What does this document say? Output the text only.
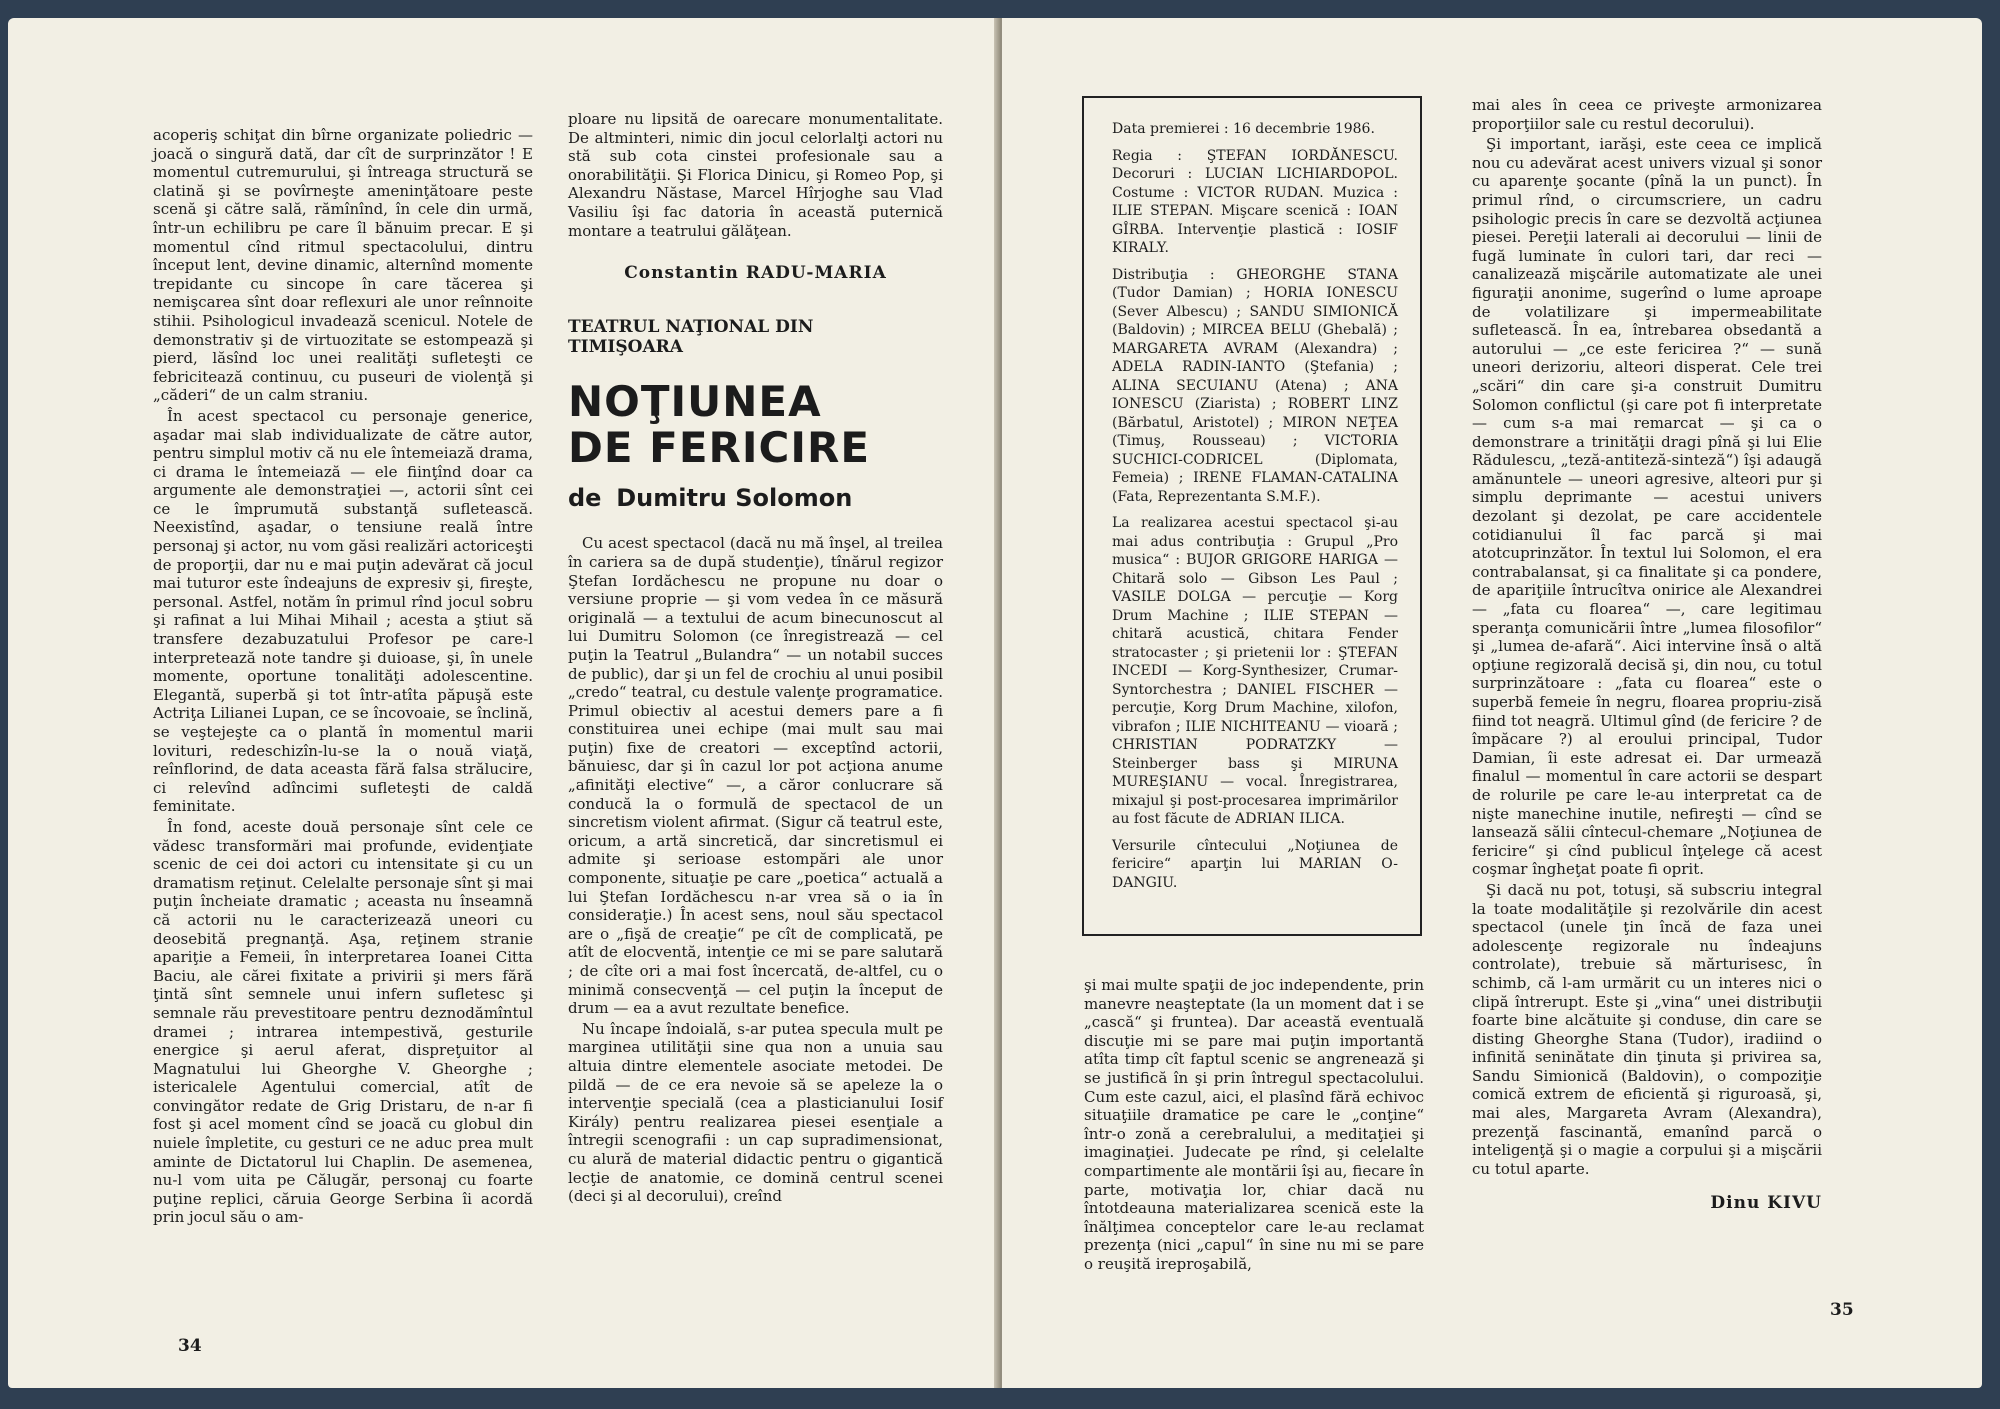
acoperiş schiţat din bîrne organizate poliedric — joacă o singură dată, dar cît de surprinzător ! E momentul cutremurului, şi întreaga structură se clatină şi se povîrneşte ameninţătoare peste scenă şi către sală, rămînînd, în cele din urmă, într-un echilibru pe care îl bănuim precar. E şi momentul cînd ritmul spectacolului, dintru început lent, devine dinamic, alternînd momente trepidante cu sincope în care tăcerea şi nemişcarea sînt doar reflexuri ale unor reînnoite stihii. Psihologicul invadează scenicul. Notele de demonstrativ şi de virtuozitate se estompează şi pierd, lăsînd loc unei realităţi sufleteşti ce febricitează continuu, cu puseuri de violenţă şi „căderi“ de un calm straniu.

În acest spectacol cu personaje generice, aşadar mai slab individualizate de către autor, pentru simplul motiv că nu ele întemeiază drama, ci drama le întemeiază — ele fiinţînd doar ca argumente ale demonstraţiei —, actorii sînt cei ce le împrumută substanţă sufletească. Neexistînd, aşadar, o tensiune reală între personaj şi actor, nu vom găsi realizări actoriceşti de proporţii, dar nu e mai puţin adevărat că jocul mai tuturor este îndeajuns de expresiv şi, fireşte, personal. Astfel, notăm în primul rînd jocul sobru şi rafinat a lui Mihai Mihail ; acesta a ştiut să transfere dezabuzatului Profesor pe care-l interpretează note tandre şi duioase, şi, în unele momente, oportune tonalităţi adolescentine. Elegantă, superbă şi tot într-atîta păpuşă este Actriţa Lilianei Lupan, ce se încovoaie, se înclină, se veştejeşte ca o plantă în momentul marii lovituri, redeschizîn-lu-se la o nouă viaţă, reînflorind, de data aceasta fără falsa strălucire, ci relevînd adîncimi sufleteşti de caldă feminitate.

În fond, aceste două personaje sînt cele ce vădesc transformări mai profunde, evidenţiate scenic de cei doi actori cu intensitate şi cu un dramatism reţinut. Celelalte personaje sînt şi mai puţin încheiate dramatic ; aceasta nu înseamnă că actorii nu le caracterizează uneori cu deosebită pregnanţă. Aşa, reţinem stranie apariţie a Femeii, în interpretarea Ioanei Citta Baciu, ale cărei fixitate a privirii şi mers fără ţintă sînt semnele unui infern sufletesc şi semnale rău prevestitoare pentru deznodămîntul dramei ; intrarea intempestivă, gesturile energice şi aerul aferat, dispreţuitor al Magnatului lui Gheorghe V. Gheorghe ; istericalele Agentului comercial, atît de convingător redate de Grig Dristaru, de n-ar fi fost şi acel moment cînd se joacă cu globul din nuiele împletite, cu gesturi ce ne aduc prea mult aminte de Dictatorul lui Chaplin. De asemenea, nu-l vom uita pe Călugăr, personaj cu foarte puţine replici, căruia George Serbina îi acordă prin jocul său o am-

ploare nu lipsită de oarecare monumentalitate. De altminteri, nimic din jocul celorlalţi actori nu stă sub cota cinstei profesionale sau a onorabilităţii. Şi Florica Dinicu, şi Romeo Pop, şi Alexandru Năstase, Marcel Hîrjoghe sau Vlad Vasiliu îşi fac datoria în această puternică montare a teatrului gălăţean.

Constantin RADU-MARIA
TEATRUL NAŢIONAL DIN TIMIŞOARA
NOŢIUNEA
DE FERICIRE
de Dumitru Solomon

Cu acest spectacol (dacă nu mă înşel, al treilea în cariera sa de după studenţie), tînărul regizor Ştefan Iordăchescu ne propune nu doar o versiune proprie — şi vom vedea în ce măsură originală — a textului de acum binecunoscut al lui Dumitru Solomon (ce înregistrează — cel puţin la Teatrul „Bulandra“ — un notabil succes de public), dar şi un fel de crochiu al unui posibil „credo“ teatral, cu destule valenţe programatice. Primul obiectiv al acestui demers pare a fi constituirea unei echipe (mai mult sau mai puţin) fixe de creatori — exceptînd actorii, bănuiesc, dar şi în cazul lor pot acţiona anume „afinităţi elective“ —, a căror conlucrare să conducă la o formulă de spectacol de un sincretism violent afirmat. (Sigur că teatrul este, oricum, a artă sincretică, dar sincretismul ei admite şi serioase estompări ale unor componente, situaţie pe care „poetica“ actuală a lui Ştefan Iordăchescu n-ar vrea să o ia în consideraţie.) În acest sens, noul său spectacol are o „fişă de creaţie“ pe cît de complicată, pe atît de elocventă, intenţie ce mi se pare salutară ; de cîte ori a mai fost încercată, de-altfel, cu o minimă consecvenţă — cel puţin la început de drum — ea a avut rezultate benefice.

Nu încape îndoială, s-ar putea specula mult pe marginea utilităţii sine qua non a unuia sau altuia dintre elementele asociate metodei. De pildă — de ce era nevoie să se apeleze la o intervenţie specială (cea a plasticianului Iosif Király) pentru realizarea piesei esenţiale a întregii scenografii : un cap supradimensionat, cu alură de material didactic pentru o gigantică lecţie de anatomie, ce domină centrul scenei (deci şi al decorului), creînd

34

Data premierei : 16 decembrie 1986.

Regia : ŞTEFAN IORDĂNESCU. Decoruri : LUCIAN LICHIARDOPOL. Costume : VICTOR RUDAN. Muzica : ILIE STEPAN. Mişcare scenică : IOAN GÎRBA. Intervenţie plastică : IOSIF KIRALY.

Distribuţia : GHEORGHE STANA (Tudor Damian) ; HORIA IONESCU (Sever Albescu) ; SANDU SIMIONICĂ (Baldovin) ; MIRCEA BELU (Ghebală) ; MARGARETA AVRAM (Alexandra) ; ADELA RADIN-IANTO (Ştefania) ; ALINA SECUIANU (Atena) ; ANA IONESCU (Ziarista) ; ROBERT LINZ (Bărbatul, Aristotel) ; MIRON NEŢEA (Timuş, Rousseau) ; VICTORIA SUCHICI-CODRICEL (Diplomata, Femeia) ; IRENE FLAMAN-CATALINA (Fata, Reprezentanta S.M.F.).

La realizarea acestui spectacol şi-au mai adus contribuţia : Grupul „Pro musica“ : BUJOR GRIGORE HARIGA — Chitară solo — Gibson Les Paul ; VASILE DOLGA — percuţie — Korg Drum Machine ; ILIE STEPAN — chitară acustică, chitara Fender stratocaster ; şi prietenii lor : ŞTEFAN INCEDI — Korg-Synthesizer, Crumar-Syntorchestra ; DANIEL FISCHER — percuţie, Korg Drum Machine, xilofon, vibrafon ; ILIE NICHITEANU — vioară ; CHRISTIAN PODRATZKY — Steinberger bass şi MIRUNA MUREŞIANU — vocal. Înregistrarea, mixajul şi post-procesarea imprimărilor au fost făcute de ADRIAN ILICA.

Versurile cîntecului „Noţiunea de fericire“ aparţin lui MARIAN O-DANGIU.

şi mai multe spaţii de joc independente, prin manevre neaşteptate (la un moment dat i se „cască“ şi fruntea). Dar această eventuală discuţie mi se pare mai puţin importantă atîta timp cît faptul scenic se angrenează şi se justifică în şi prin întregul spectacolului. Cum este cazul, aici, el plasînd fără echivoc situaţiile dramatice pe care le „conţine“ într-o zonă a cerebralului, a meditaţiei şi imaginaţiei. Judecate pe rînd, şi celelalte compartimente ale montării îşi au, fiecare în parte, motivaţia lor, chiar dacă nu întotdeauna materializarea scenică este la înălţimea conceptelor care le-au reclamat prezenţa (nici „capul“ în sine nu mi se pare o reuşită ireproşabilă,

mai ales în ceea ce priveşte armonizarea proporţiilor sale cu restul decorului).

Şi important, iarăşi, este ceea ce implică nou cu adevărat acest univers vizual şi sonor cu aparenţe şocante (pînă la un punct). În primul rînd, o circumscriere, un cadru psihologic precis în care se dezvoltă acţiunea piesei. Pereţii laterali ai decorului — linii de fugă luminate în culori tari, dar reci — canalizează mişcările automatizate ale unei figuraţii anonime, sugerînd o lume aproape de volatilizare şi impermeabilitate sufletească. În ea, întrebarea obsedantă a autorului — „ce este fericirea ?“ — sună uneori derizoriu, alteori disperat. Cele trei „scări“ din care şi-a construit Dumitru Solomon conflictul (şi care pot fi interpretate — cum s-a mai remarcat — şi ca o demonstrare a trinităţii dragi pînă şi lui Elie Rădulescu, „teză-antiteză-sinteză“) îşi adaugă amănuntele — uneori agresive, alteori pur şi simplu deprimante — acestui univers dezolant şi dezolat, pe care accidentele cotidianului îl fac parcă şi mai atotcuprinzător. În textul lui Solomon, el era contrabalansat, şi ca finalitate şi ca pondere, de apariţiile întrucîtva onirice ale Alexandrei — „fata cu floarea“ —, care legitimau speranţa comunicării între „lumea filosofilor“ şi „lumea de-afară“. Aici intervine însă o altă opţiune regizorală decisă şi, din nou, cu totul surprinzătoare : „fata cu floarea“ este o superbă femeie în negru, floarea propriu-zisă fiind tot neagră. Ultimul gînd (de fericire ? de împăcare ?) al eroului principal, Tudor Damian, îi este adresat ei. Dar urmează finalul — momentul în care actorii se despart de rolurile pe care le-au interpretat ca de nişte manechine inutile, nefireşti — cînd se lansează sălii cîntecul-chemare „Noţiunea de fericire“ şi cînd publicul înţelege că acest coşmar îngheţat poate fi oprit.

Şi dacă nu pot, totuşi, să subscriu integral la toate modalităţile şi rezolvările din acest spectacol (unele ţin încă de faza unei adolescenţe regizorale nu îndeajuns controlate), trebuie să mărturisesc, în schimb, că l-am urmărit cu un interes nici o clipă întrerupt. Este şi „vina“ unei distribuţii foarte bine alcătuite şi conduse, din care se disting Gheorghe Stana (Tudor), iradiind o infinită seninătate din ţinuta şi privirea sa, Sandu Simionică (Baldovin), o compoziţie comică extrem de eficientă şi riguroasă, şi, mai ales, Margareta Avram (Alexandra), prezenţă fascinantă, emanînd parcă o inteligenţă şi o magie a corpului şi a mişcării cu totul aparte.

Dinu KIVU
35
